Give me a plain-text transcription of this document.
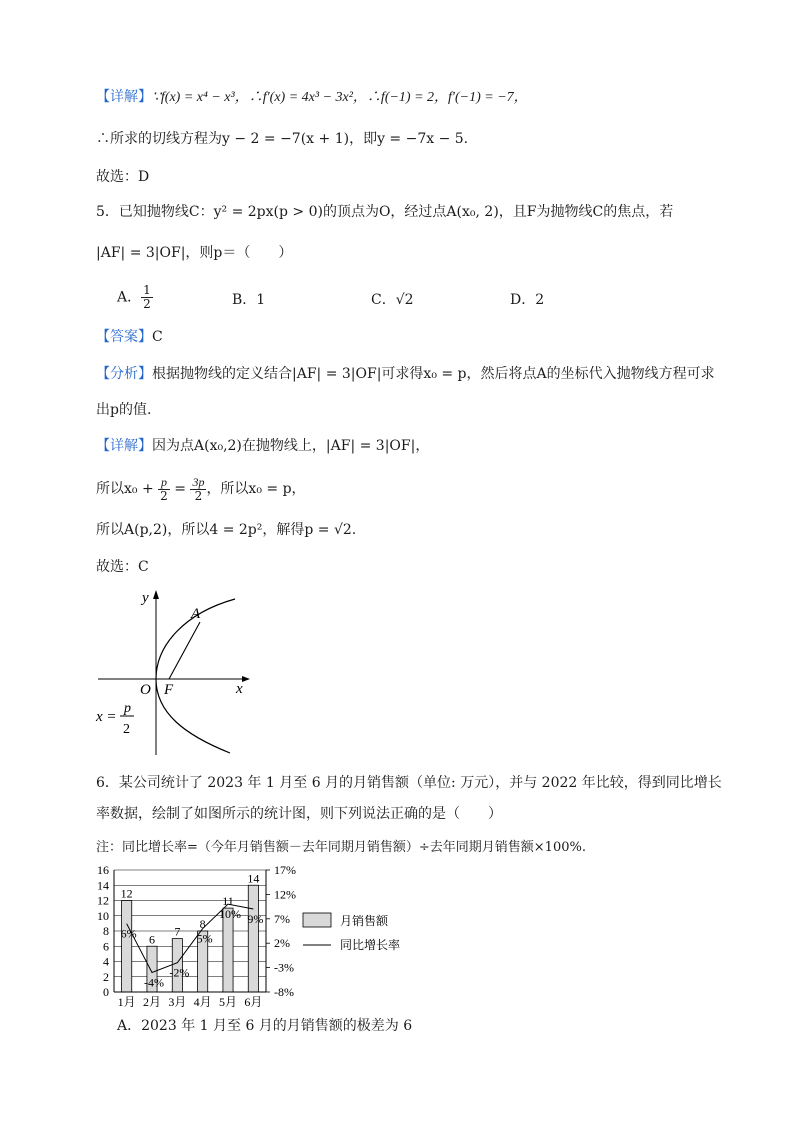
【详解】∵f(x) = x⁴ − x³，∴f′(x) = 4x³ − 3x²，∴f(−1) = 2，f′(−1) = −7，
∴所求的切线方程为y − 2 = −7(x + 1)，即y = −7x − 5.
故选：D
5．已知抛物线C：y² = 2px(p > 0)的顶点为O，经过点A(x₀, 2)，且F为抛物线C的焦点，若
|AF| = 3|OF|，则p＝（　　）
A． $\frac{1}{2}$	B．1	C．√2	D．2
【答案】C
【分析】根据抛物线的定义结合|AF| = 3|OF|可求得x₀ = p，然后将点A的坐标代入抛物线方程可求
出p的值.
【详解】因为点A(x₀,2)在抛物线上，|AF| = 3|OF|，
所以$x_0 + \frac{p}{2} = \frac{3p}{2}$ ，所以x₀ = p，
所以A(p,2)，所以4 = 2p²，解得p = √2.
故选：C
y
x
A
O F
x =
p
2
6．某公司统计了 2023 年 1 月至 6 月的月销售额（单位: 万元），并与 2022 年比较，得到同比增长
率数据，绘制了如图所示的统计图，则下列说法正确的是（　　）
注：同比增长率=（今年月销售额－去年同期月销售额）÷去年同期月销售额×100%.
0
2
4
6
8
10
12
14
16
-8%
-3%
2%
7%
12%
17%
12
1月
6
2月
7
3月
8
4月
11
5月
14
6月
6%
-4%
-2%
5%
10% 9%	月销售额
同比增长率
A．2023 年 1 月至 6 月的月销售额的极差为 6
